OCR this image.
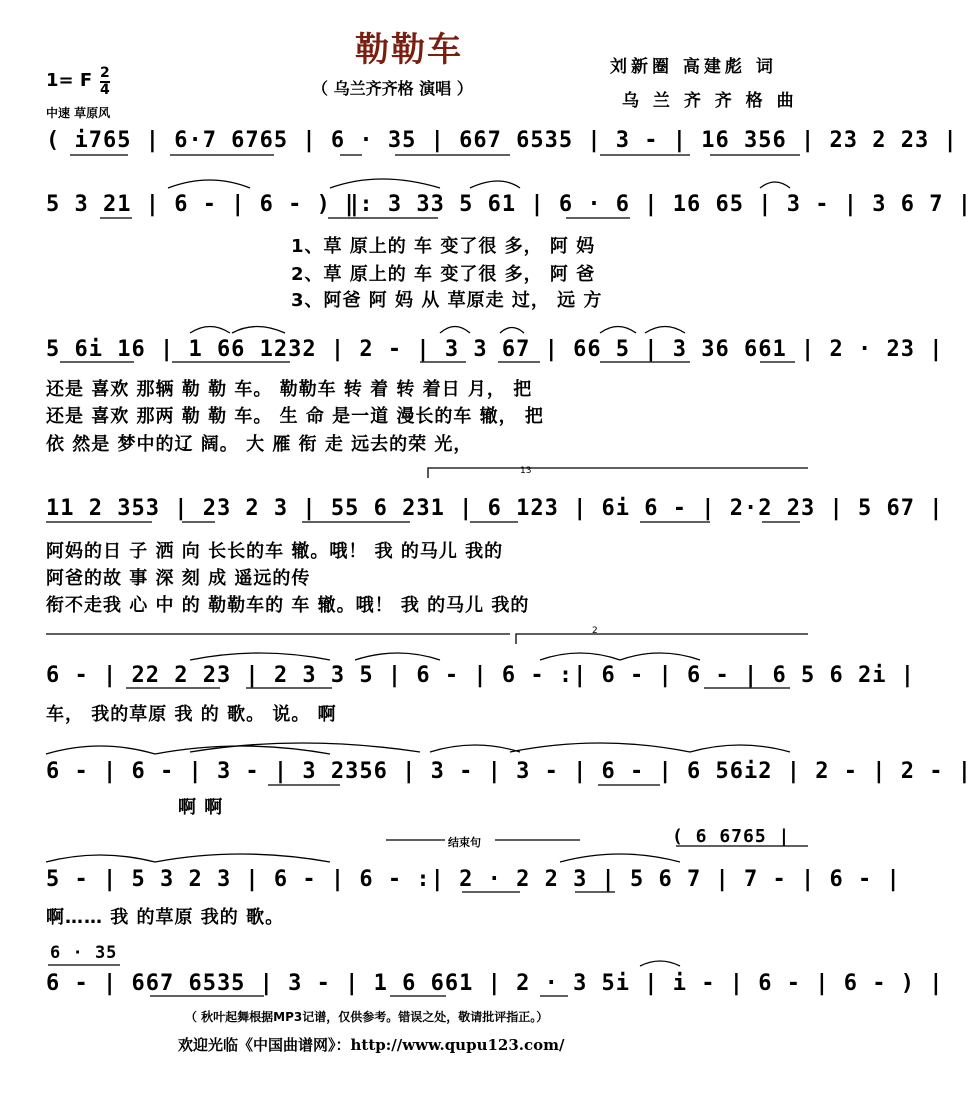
勒勒车
（ 乌兰齐齐格 演唱 ）
刘新圈 高建彪 词
乌 兰 齐 齐 格 曲
1= F $\frac{2}{4}$
中速 草原风
( i765 | 6·7 6765 | 6 · 35 | 667 6535 | 3 - | 16 356 | 23 2 23 |
5 3 21 | 6 - | 6 - ) ‖: 3 33 5 61 | 6 · 6 | 16 65 | 3 - | 3 6 7 |
1、草 原上的 车 变了很 多， 阿 妈
2、草 原上的 车 变了很 多， 阿 爸
3、阿爸 阿 妈 从 草原走 过， 远 方
5 6i 16 | 1 66 1232 | 2 - | 3 3 67 | 66 5 | 3 36 661 | 2 · 23 |
还是 喜欢 那辆 勒 勒 车。 勒勒车 转 着 转 着日 月， 把
还是 喜欢 那两 勒 勒 车。 生 命 是一道 漫长的车 辙， 把
依 然是 梦中的辽 阔。 大 雁 衔 走 远去的荣 光，
13
11 2 353 | 23 2 3 | 55 6 231 | 6 123 | 6i 6 - | 2·2 23 | 5 67 |
阿妈的日 子 洒 向 长长的车 辙。哦！ 我 的马儿 我的
阿爸的故 事 深 刻 成 遥远的传
衔不走我 心 中 的 勒勒车的 车 辙。哦！ 我 的马儿 我的
2
6 - | 22 2 23 | 2 3 3 5 | 6 - | 6 - :| 6 - | 6 - | 6 5 6 2i |
车， 我的草原 我 的 歌。 说。 啊
6 - | 6 - | 3 - | 3 2356 | 3 - | 3 - | 6 - | 6 56i2 | 2 - | 2 - |
啊 啊
结束句	( 6 6765 |
5 - | 5 3 2 3 | 6 - | 6 - :| 2 · 2 2 3 | 5 6 7 | 7 - | 6 - |
啊…… 我 的草原 我的 歌。
6 · 35
6 - | 667 6535 | 3 - | 1 6 661 | 2 · 3 5i | i - | 6 - | 6 - ) |
（ 秋叶起舞根据MP3记谱，仅供参考。错误之处，敬请批评指正。）
欢迎光临《中国曲谱网》：http://www.qupu123.com/
